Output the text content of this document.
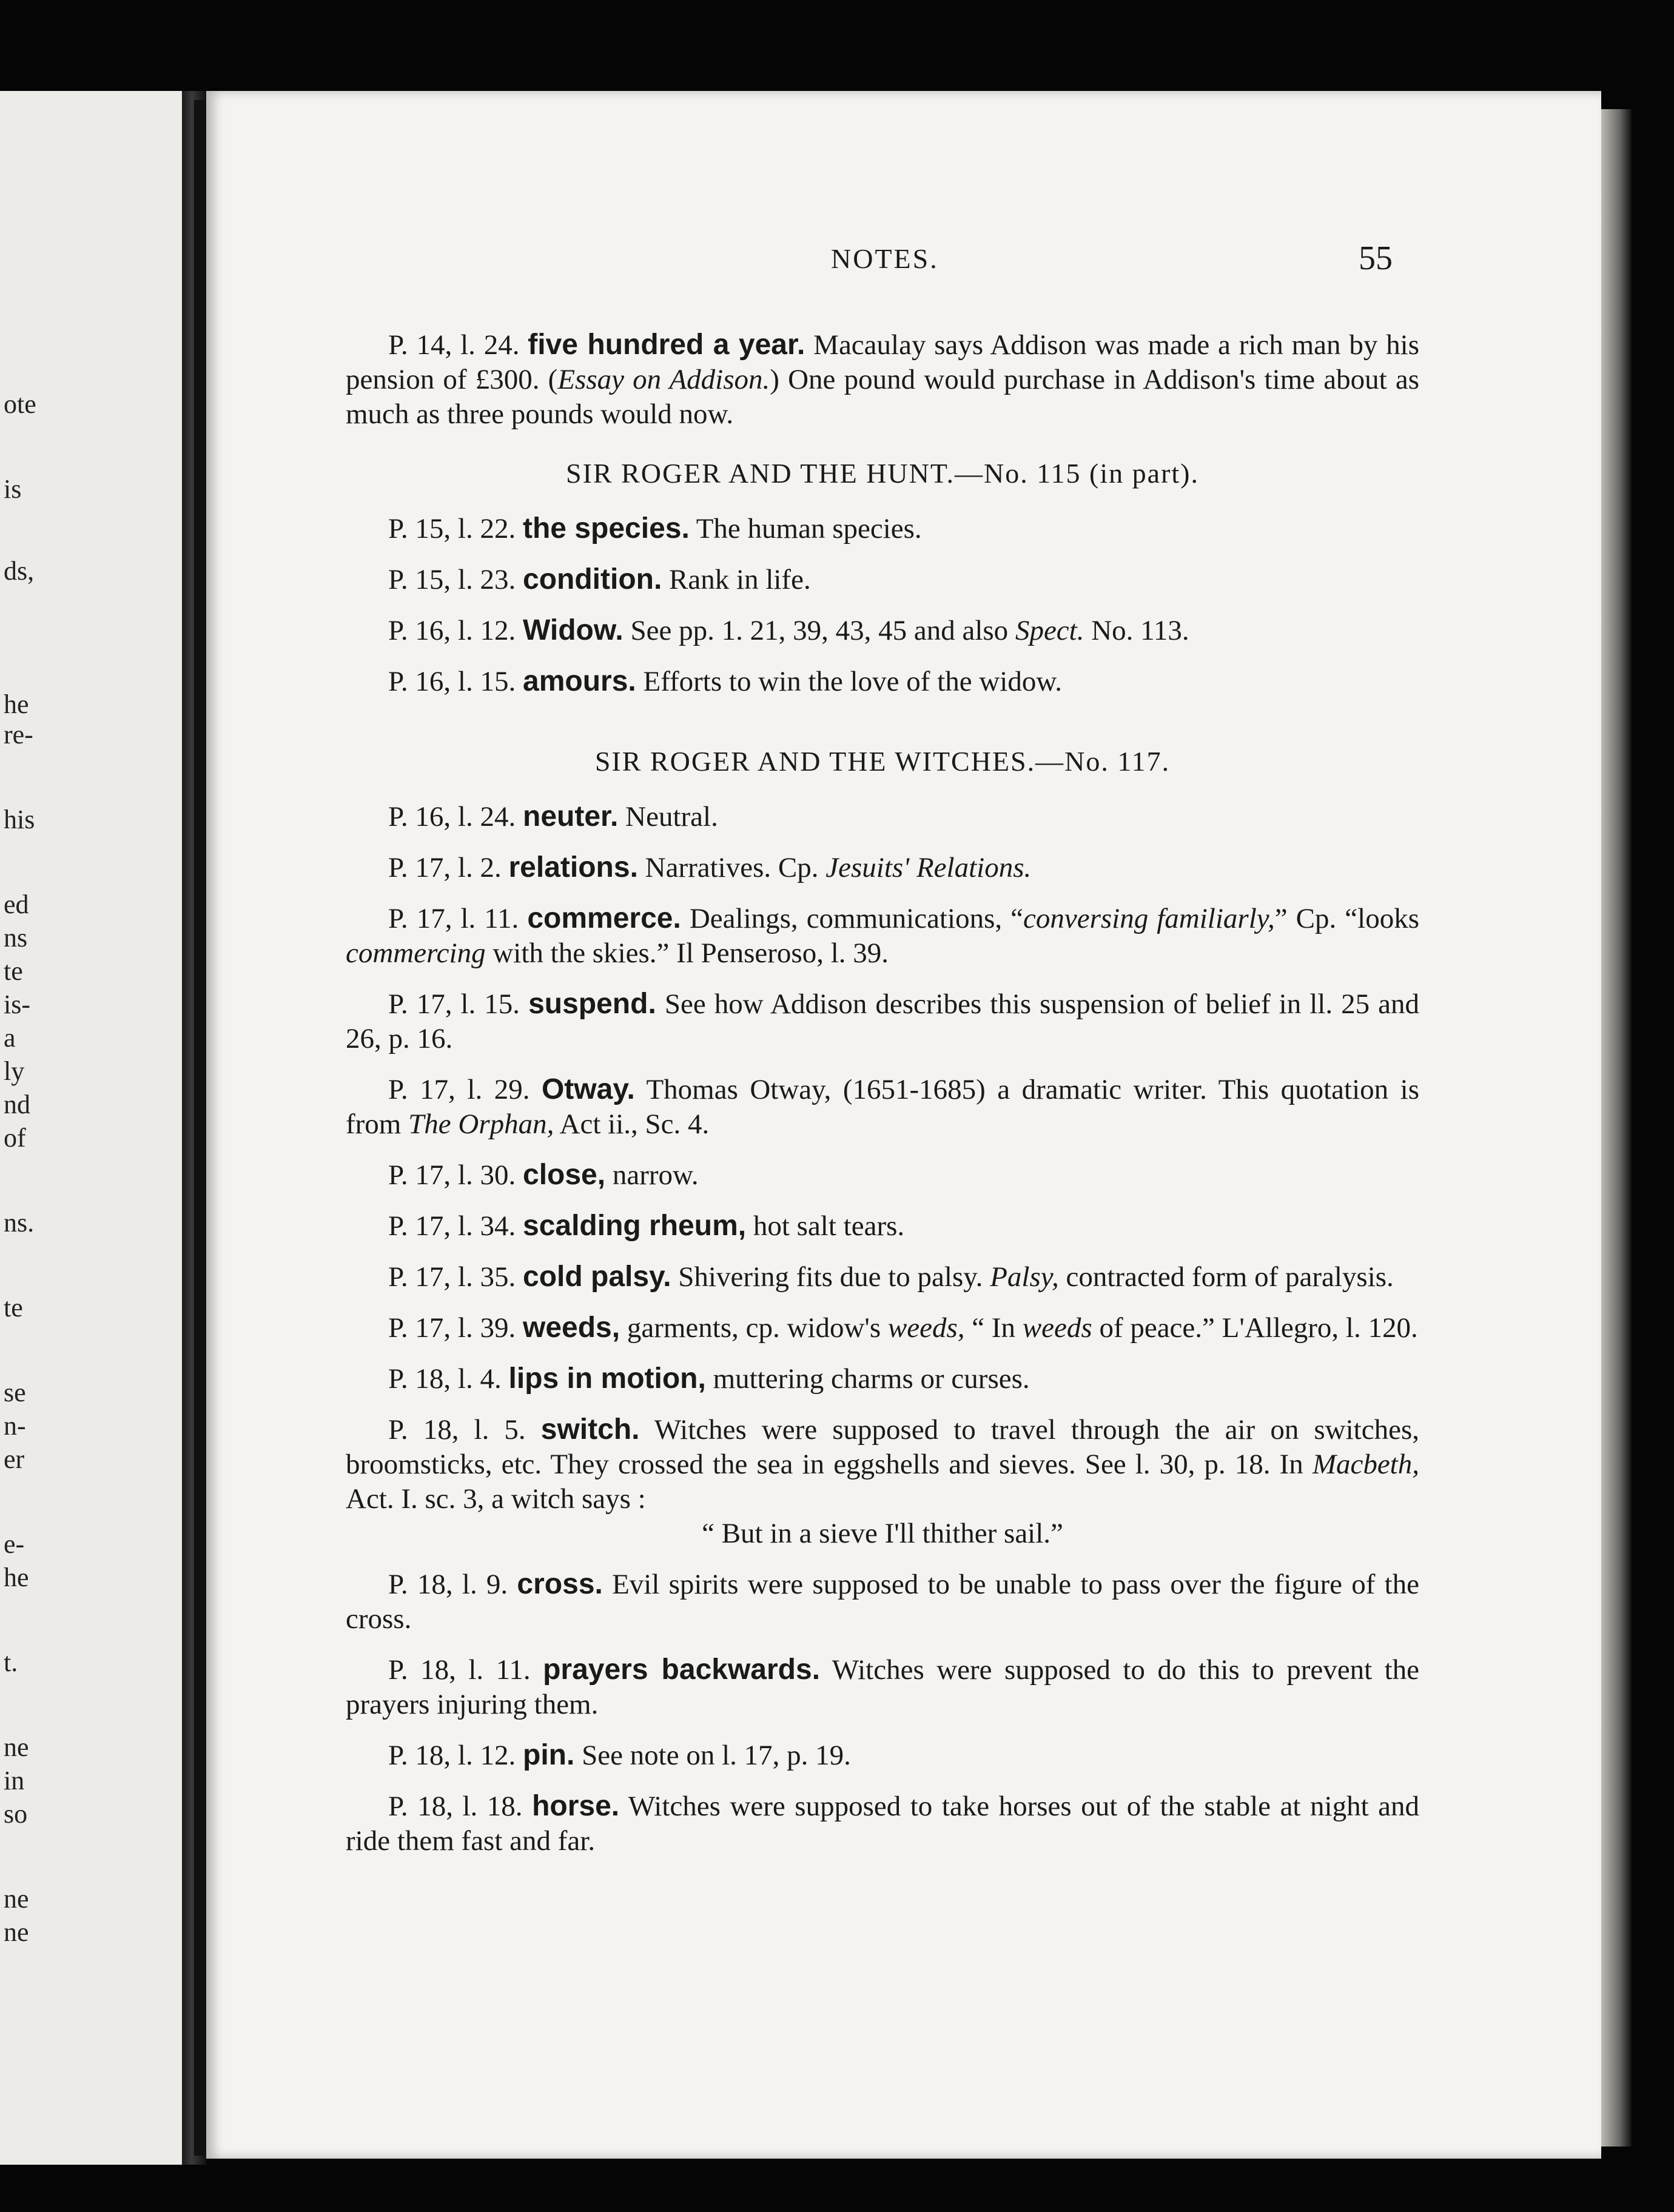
ote
is
ds,
he
re-
his
ed
ns
te
is-
a
ly
nd
of
ns.
te
se
n-
er
e-
he
t.
ne
in
so
ne
ne
NOTES.	55

P. 14, l. 24. five hundred a year. Macaulay says Addison was made a rich man by his pension of £300. (Essay on Addison.) One pound would purchase in Addison's time about as much as three pounds would now.

SIR ROGER AND THE HUNT.—No. 115 (in part).

P. 15, l. 22. the species. The human species.

P. 15, l. 23. condition. Rank in life.

P. 16, l. 12. Widow. See pp. 1. 21, 39, 43, 45 and also Spect. No. 113.

P. 16, l. 15. amours. Efforts to win the love of the widow.

SIR ROGER AND THE WITCHES.—No. 117.

P. 16, l. 24. neuter. Neutral.

P. 17, l. 2. relations. Narratives. Cp. Jesuits' Relations.

P. 17, l. 11. commerce. Dealings, communications, “conversing familiarly,” Cp. “looks commercing with the skies.” Il Penseroso, l. 39.

P. 17, l. 15. suspend. See how Addison describes this suspension of belief in ll. 25 and 26, p. 16.

P. 17, l. 29. Otway. Thomas Otway, (1651-1685) a dramatic writer. This quotation is from The Orphan, Act ii., Sc. 4.

P. 17, l. 30. close, narrow.

P. 17, l. 34. scalding rheum, hot salt tears.

P. 17, l. 35. cold palsy. Shivering fits due to palsy. Palsy, contracted form of paralysis.

P. 17, l. 39. weeds, garments, cp. widow's weeds, “ In weeds of peace.” L'Allegro, l. 120.

P. 18, l. 4. lips in motion, muttering charms or curses.

P. 18, l. 5. switch. Witches were supposed to travel through the air on switches, broomsticks, etc. They crossed the sea in eggshells and sieves. See l. 30, p. 18. In Macbeth, Act. I. sc. 3, a witch says :
“ But in a sieve I'll thither sail.”

P. 18, l. 9. cross. Evil spirits were supposed to be unable to pass over the figure of the cross.

P. 18, l. 11. prayers backwards. Witches were supposed to do this to prevent the prayers injuring them.

P. 18, l. 12. pin. See note on l. 17, p. 19.

P. 18, l. 18. horse. Witches were supposed to take horses out of the stable at night and ride them fast and far.
